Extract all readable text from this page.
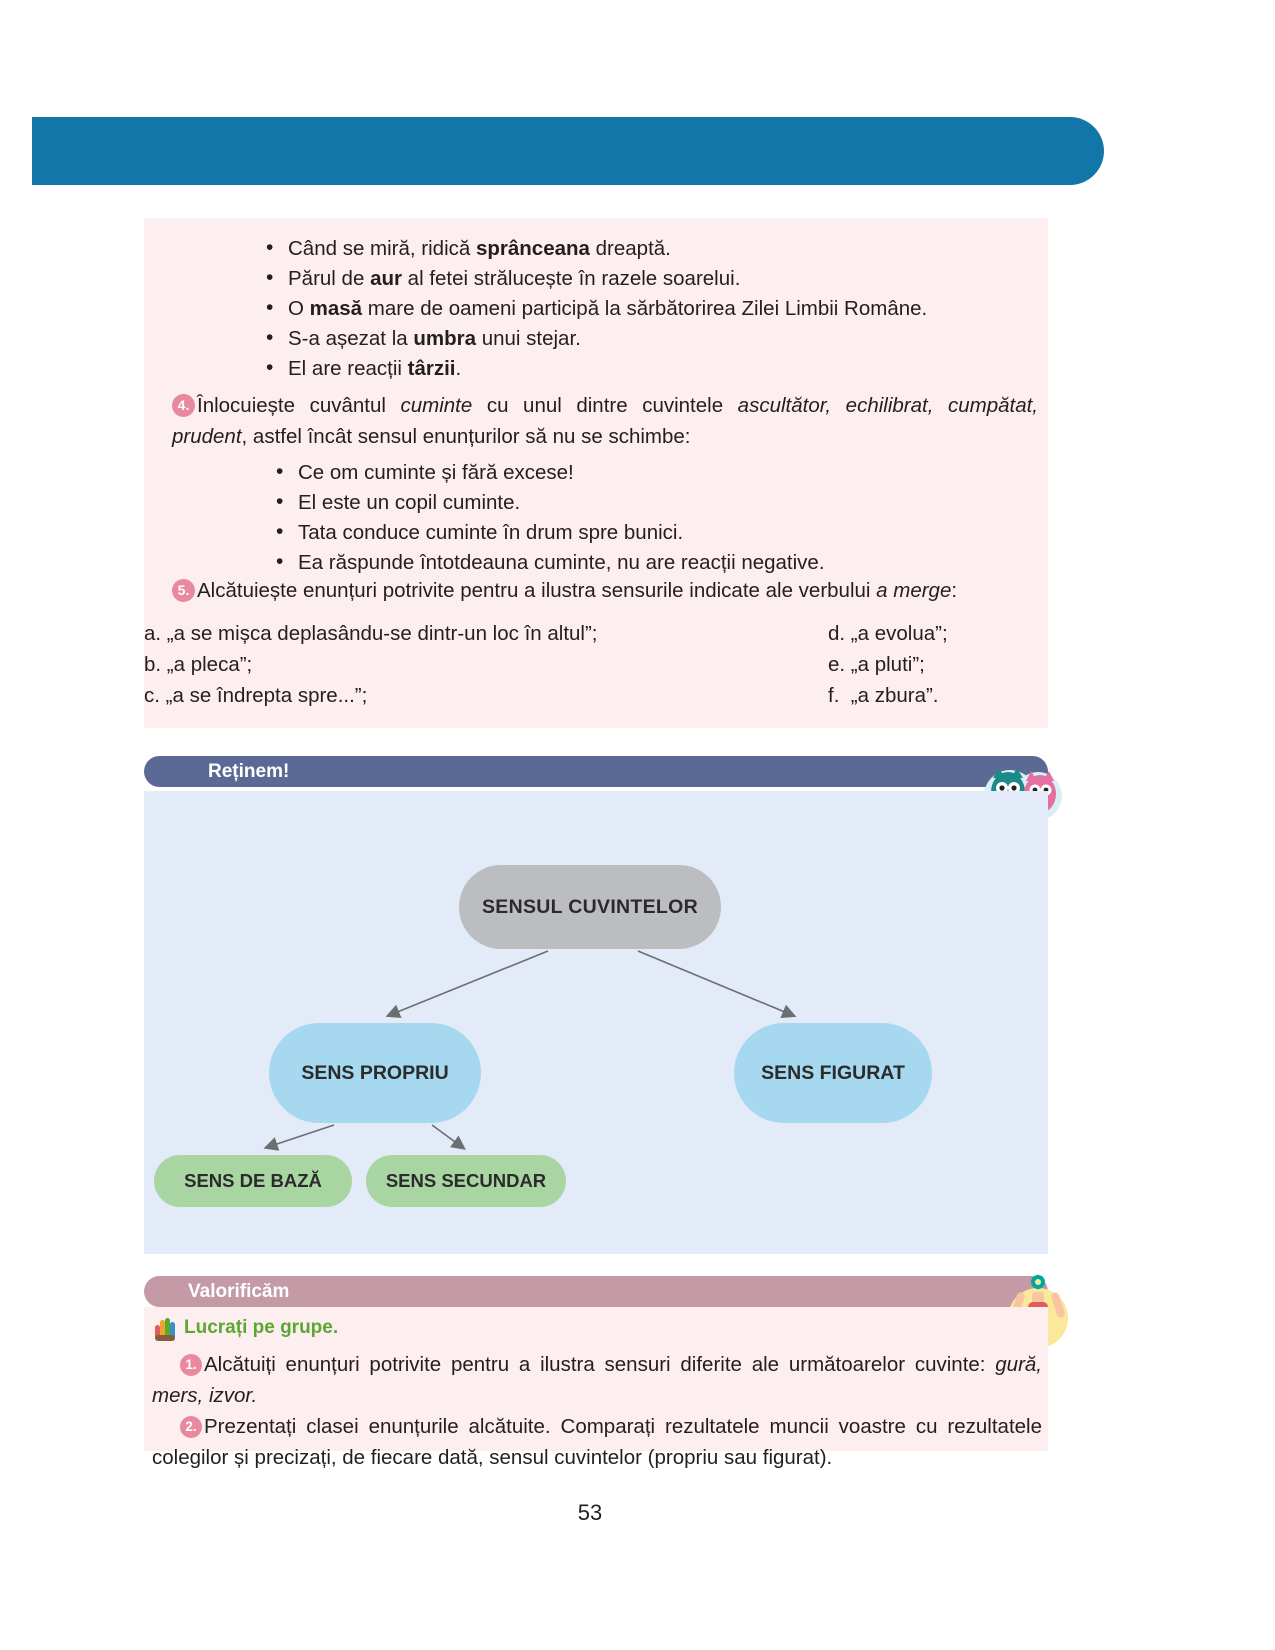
• Când se miră, ridică sprânceana dreaptă.
• Părul de aur al fetei strălucește în razele soarelui.
• O masă mare de oameni participă la sărbătorirea Zilei Limbii Române.
• S-a așezat la umbra unui stejar.
• El are reacții târzii.
4. Înlocuiește cuvântul cuminte cu unul dintre cuvintele ascultător, echilibrat, cumpătat, prudent, astfel încât sensul enunțurilor să nu se schimbe:
• Ce om cuminte și fără excese!
• El este un copil cuminte.
• Tata conduce cuminte în drum spre bunici.
• Ea răspunde întotdeauna cuminte, nu are reacții negative.
5. Alcătuiește enunțuri potrivite pentru a ilustra sensurile indicate ale verbului a merge:
a. „a se mișca deplasându-se dintr-un loc în altul”;
b. „a pleca”;
c. „a se îndrepta spre...”;
d. „a evolua”;
e. „a pluti”;
f.  „a zbura”.
Reținem!
SENSUL CUVINTELOR
SENS PROPRIU	SENS FIGURAT
SENS DE BAZĂ	SENS SECUNDAR
Valorificăm
Lucrați pe grupe.
1. Alcătuiți enunțuri potrivite pentru a ilustra sensuri diferite ale următoarelor cuvinte: gură, mers, izvor.
2. Prezentați clasei enunțurile alcătuite. Comparați rezultatele muncii voastre cu rezultatele colegilor și precizați, de fiecare dată, sensul cuvintelor (propriu sau figurat).
53
